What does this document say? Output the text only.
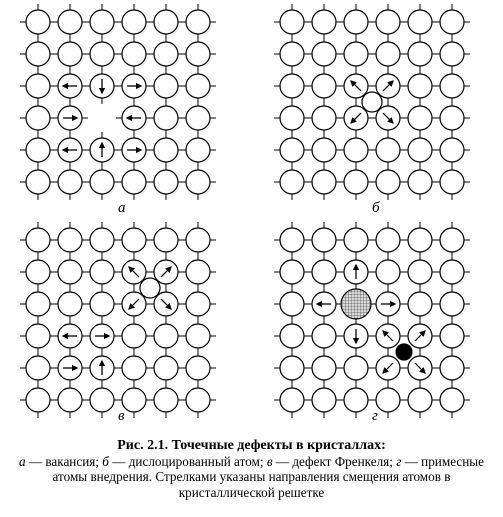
а	б
в	г
Рис. 2.1. Точечные дефекты в кристаллах:
а — вакансия; б — дислоцированный атом; в — дефект Френкеля; г — примесные атомы внедрения. Стрелками указаны направления смещения атомов в кристаллической решетке
